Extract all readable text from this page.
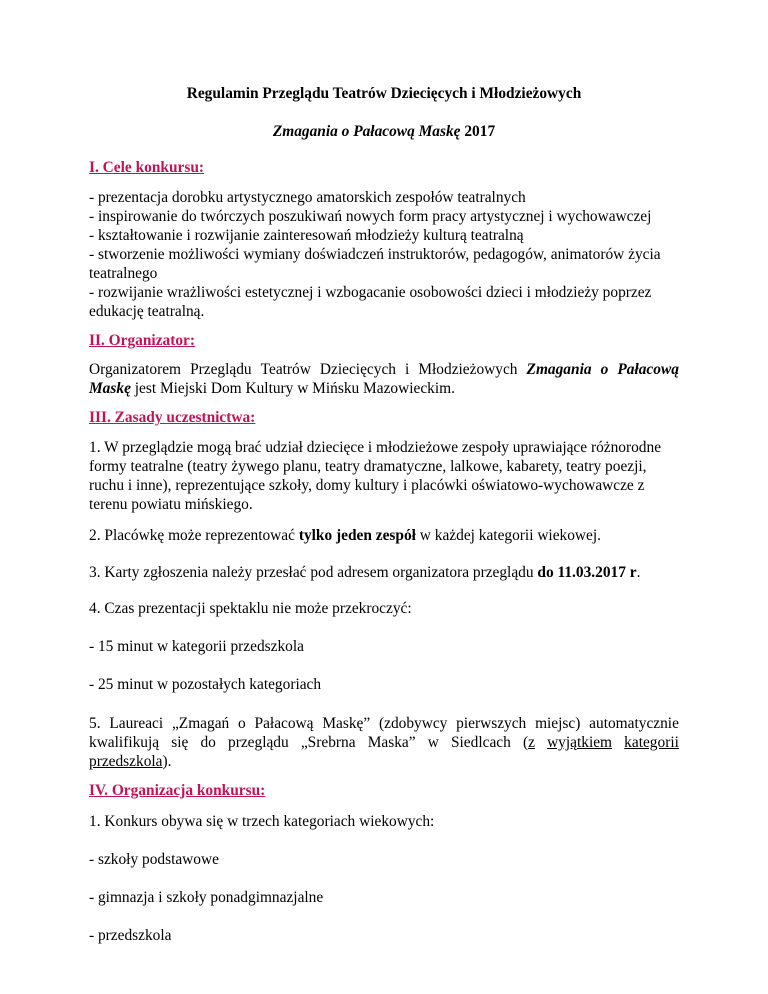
Regulamin Przeglądu Teatrów Dziecięcych i Młodzieżowych

Zmagania o Pałacową Maskę 2017

I. Cele konkursu:

- prezentacja dorobku artystycznego amatorskich zespołów teatralnych

- inspirowanie do twórczych poszukiwań nowych form pracy artystycznej i wychowawczej

- kształtowanie i rozwijanie zainteresowań młodzieży kulturą teatralną

- stworzenie możliwości wymiany doświadczeń instruktorów, pedagogów, animatorów życia

teatralnego

- rozwijanie wrażliwości estetycznej i wzbogacanie osobowości dzieci i młodzieży poprzez

edukację teatralną.

II. Organizator:

Organizatorem Przeglądu Teatrów Dziecięcych i Młodzieżowych Zmagania o Pałacową

Maskę jest Miejski Dom Kultury w Mińsku Mazowieckim.

III. Zasady uczestnictwa:

1. W przeglądzie mogą brać udział dziecięce i młodzieżowe zespoły uprawiające różnorodne

formy teatralne (teatry żywego planu, teatry dramatyczne, lalkowe, kabarety, teatry poezji,

ruchu i inne), reprezentujące szkoły, domy kultury i placówki oświatowo-wychowawcze z

terenu powiatu mińskiego.

2. Placówkę może reprezentować tylko jeden zespół w każdej kategorii wiekowej.

3. Karty zgłoszenia należy przesłać pod adresem organizatora przeglądu do 11.03.2017 r.

4. Czas prezentacji spektaklu nie może przekroczyć:

- 15 minut w kategorii przedszkola

- 25 minut w pozostałych kategoriach

5. Laureaci „Zmagań o Pałacową Maskę” (zdobywcy pierwszych miejsc) automatycznie

kwalifikują się do przeglądu „Srebrna Maska” w Siedlcach (z wyjątkiem kategorii

przedszkola).

IV. Organizacja konkursu:

1. Konkurs obywa się w trzech kategoriach wiekowych:

- szkoły podstawowe

- gimnazja i szkoły ponadgimnazjalne

- przedszkola
